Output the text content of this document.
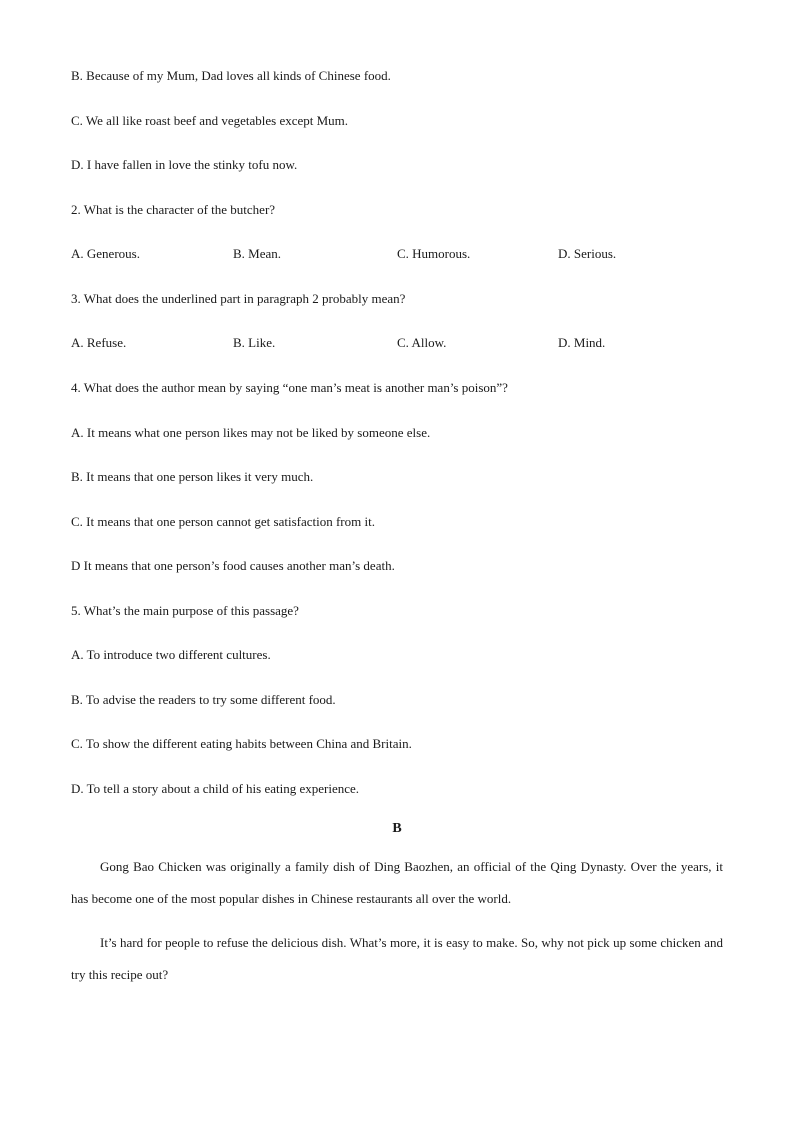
B. Because of my Mum, Dad loves all kinds of Chinese food.
C. We all like roast beef and vegetables except Mum.
D. I have fallen in love the stinky tofu now.
2. What is the character of the butcher?
A. Generous.	B. Mean.	C. Humorous.	D. Serious.
3. What does the underlined part in paragraph 2 probably mean?
A. Refuse.	B. Like.	C. Allow.	D. Mind.
4. What does the author mean by saying “one man’s meat is another man’s poison”?
A. It means what one person likes may not be liked by someone else.
B. It means that one person likes it very much.
C. It means that one person cannot get satisfaction from it.
D It means that one person’s food causes another man’s death.
5. What’s the main purpose of this passage?
A. To introduce two different cultures.
B. To advise the readers to try some different food.
C. To show the different eating habits between China and Britain.
D. To tell a story about a child of his eating experience.
B
Gong Bao Chicken was originally a family dish of Ding Baozhen, an official of the Qing Dynasty. Over the years, it has become one of the most popular dishes in Chinese restaurants all over the world.
It’s hard for people to refuse the delicious dish. What’s more, it is easy to make. So, why not pick up some chicken and try this recipe out?
